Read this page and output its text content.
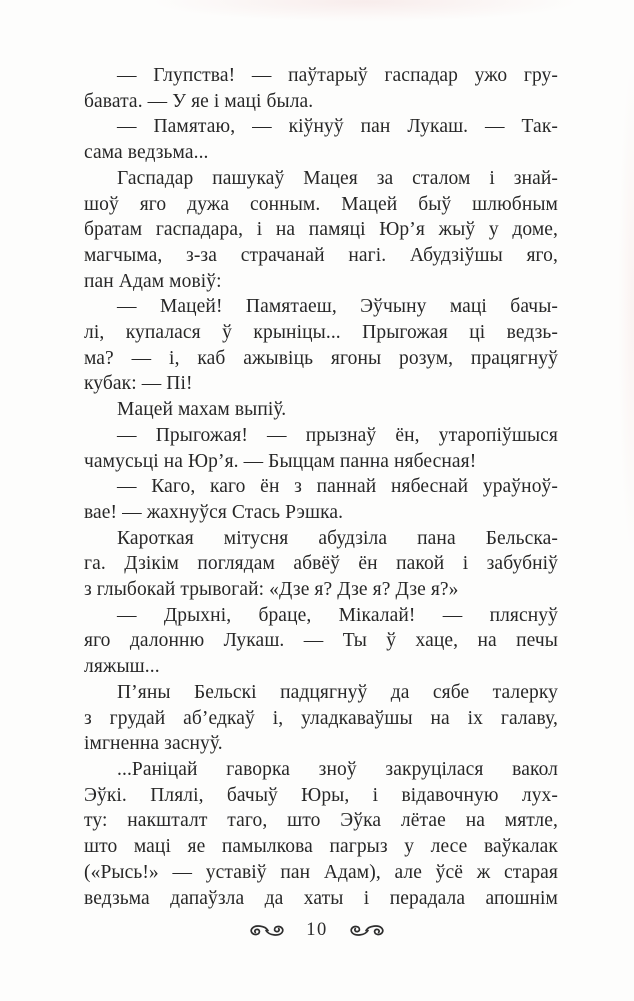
— Глупства! — паўтарыў гаспадар ужо гру-
бавата. — У яе і маці была.

— Памятаю, — кіўнуў пан Лукаш. — Так-
сама ведзьма...

Гаспадар пашукаў Мацея за сталом і знай-
шоў яго дужа сонным. Мацей быў шлюбным
братам гаспадара, і на памяці Юр’я жыў у доме,
магчыма, з-за страчанай нагі. Абудзіўшы яго,
пан Адам мовіў:

— Мацей! Памятаеш, Эўчыну маці бачы-
лі, купалася ў крыніцы... Прыгожая ці ведзь-
ма? — і, каб ажывіць ягоны розум, працягнуў
кубак: — Пі!

Мацей махам выпіў.

— Прыгожая! — прызнаў ён, утаропіўшыся
чамусьці на Юр’я. — Быццам панна нябесная!

— Каго, каго ён з паннай нябеснай ураўноў-
вае! — жахнуўся Стась Рэшка.

Кароткая мітусня абудзіла пана Бельска-
га. Дзікім поглядам абвёў ён пакой і забубніў
з глыбокай трывогай: «Дзе я? Дзе я? Дзе я?»

— Дрыхні, браце, Мікалай! — пляснуў
яго далонню Лукаш. — Ты ў хаце, на печы
ляжыш...

П’яны Бельскі падцягнуў да сябе талерку
з грудай аб’едкаў і, уладкаваўшы на іх галаву,
імгненна заснуў.

...Раніцай гаворка зноў закруцілася вакол
Эўкі. Плялі, бачыў Юры, і відавочную лух-
ту: накшталт таго, што Эўка лётае на мятле,
што маці яе памылкова пагрыз у лесе ваўкалак
(«Рысь!» — уставіў пан Адам), але ўсё ж старая
ведзьма дапаўзла да хаты і перадала апошнім

10
